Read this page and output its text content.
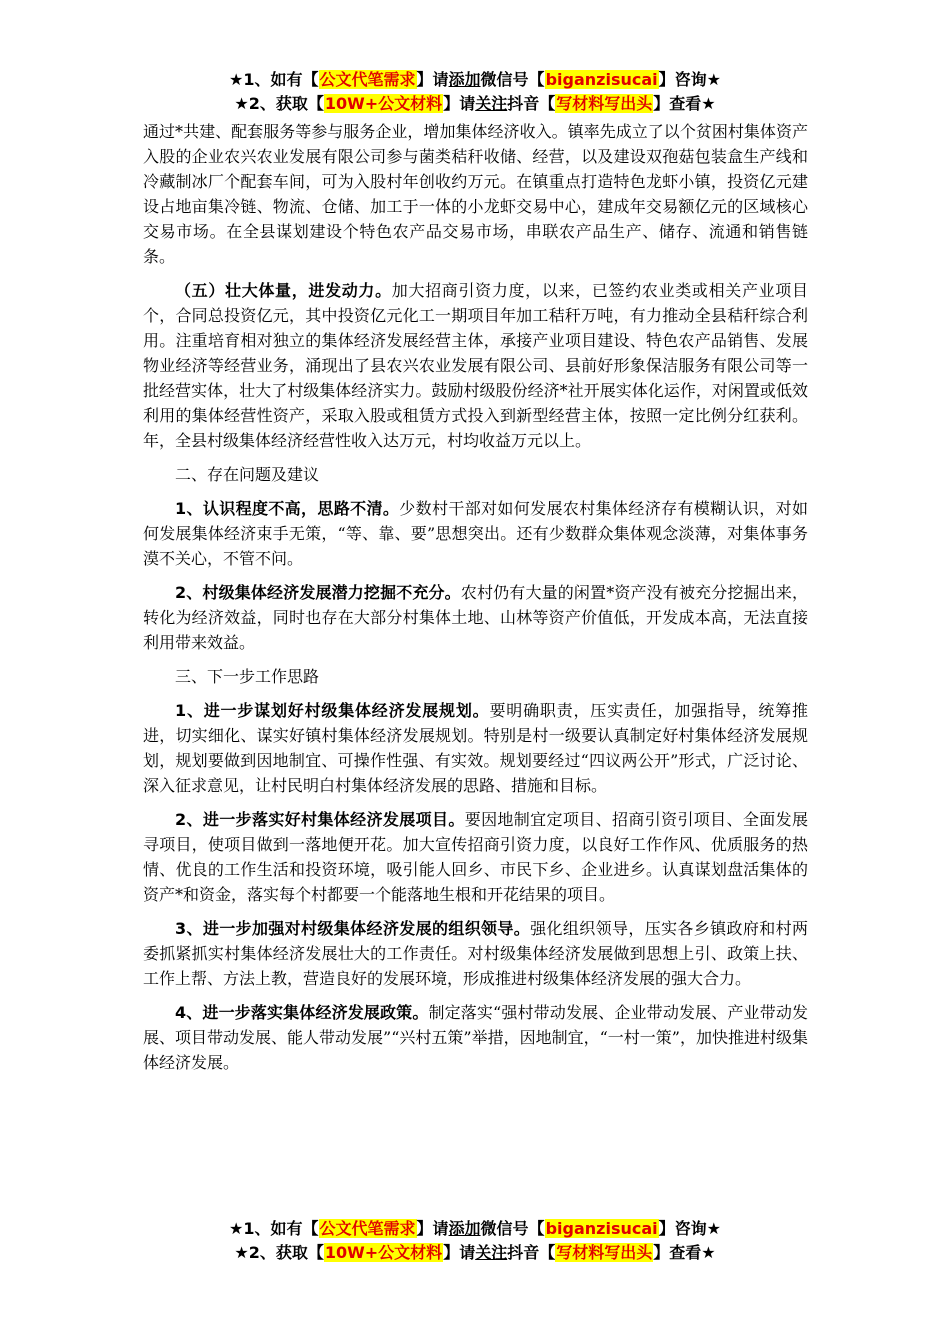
★1、如有【公文代笔需求】请添加微信号【biganzisucai】咨询★
★2、获取【10W+公文材料】请关注抖音【写材料写出头】查看★

通过*共建、配套服务等参与服务企业，增加集体经济收入。镇率先成立了以个贫困村集体资产入股的企业农兴农业发展有限公司参与菌类秸秆收储、经营，以及建设双孢菇包装盒生产线和冷藏制冰厂个配套车间，可为入股村年创收约万元。在镇重点打造特色龙虾小镇，投资亿元建设占地亩集冷链、物流、仓储、加工于一体的小龙虾交易中心，建成年交易额亿元的区域核心交易市场。在全县谋划建设个特色农产品交易市场，串联农产品生产、储存、流通和销售链条。

（五）壮大体量，进发动力。加大招商引资力度，以来，已签约农业类或相关产业项目个，合同总投资亿元，其中投资亿元化工一期项目年加工秸秆万吨，有力推动全县秸秆综合利用。注重培育相对独立的集体经济发展经营主体，承接产业项目建设、特色农产品销售、发展物业经济等经营业务，涌现出了县农兴农业发展有限公司、县前好形象保洁服务有限公司等一批经营实体，壮大了村级集体经济实力。鼓励村级股份经济*社开展实体化运作，对闲置或低效利用的集体经营性资产，采取入股或租赁方式投入到新型经营主体，按照一定比例分红获利。年，全县村级集体经济经营性收入达万元，村均收益万元以上。

二、存在问题及建议

1、认识程度不高，思路不清。少数村干部对如何发展农村集体经济存有模糊认识，对如何发展集体经济束手无策，“等、靠、要”思想突出。还有少数群众集体观念淡薄，对集体事务漠不关心，不管不问。

2、村级集体经济发展潜力挖掘不充分。农村仍有大量的闲置*资产没有被充分挖掘出来，转化为经济效益，同时也存在大部分村集体土地、山林等资产价值低，开发成本高，无法直接利用带来效益。

三、下一步工作思路

1、进一步谋划好村级集体经济发展规划。要明确职责，压实责任，加强指导，统筹推进，切实细化、谋实好镇村集体经济发展规划。特别是村一级要认真制定好村集体经济发展规划，规划要做到因地制宜、可操作性强、有实效。规划要经过“四议两公开”形式，广泛讨论、深入征求意见，让村民明白村集体经济发展的思路、措施和目标。

2、进一步落实好村集体经济发展项目。要因地制宜定项目、招商引资引项目、全面发展寻项目，使项目做到一落地便开花。加大宣传招商引资力度，以良好工作作风、优质服务的热情、优良的工作生活和投资环境，吸引能人回乡、市民下乡、企业进乡。认真谋划盘活集体的资产*和资金，落实每个村都要一个能落地生根和开花结果的项目。

3、进一步加强对村级集体经济发展的组织领导。强化组织领导，压实各乡镇政府和村两委抓紧抓实村集体经济发展壮大的工作责任。对村级集体经济发展做到思想上引、政策上扶、工作上帮、方法上教，营造良好的发展环境，形成推进村级集体经济发展的强大合力。

4、进一步落实集体经济发展政策。制定落实“强村带动发展、企业带动发展、产业带动发展、项目带动发展、能人带动发展”“兴村五策”举措，因地制宜，“一村一策”，加快推进村级集体经济发展。

★1、如有【公文代笔需求】请添加微信号【biganzisucai】咨询★
★2、获取【10W+公文材料】请关注抖音【写材料写出头】查看★
